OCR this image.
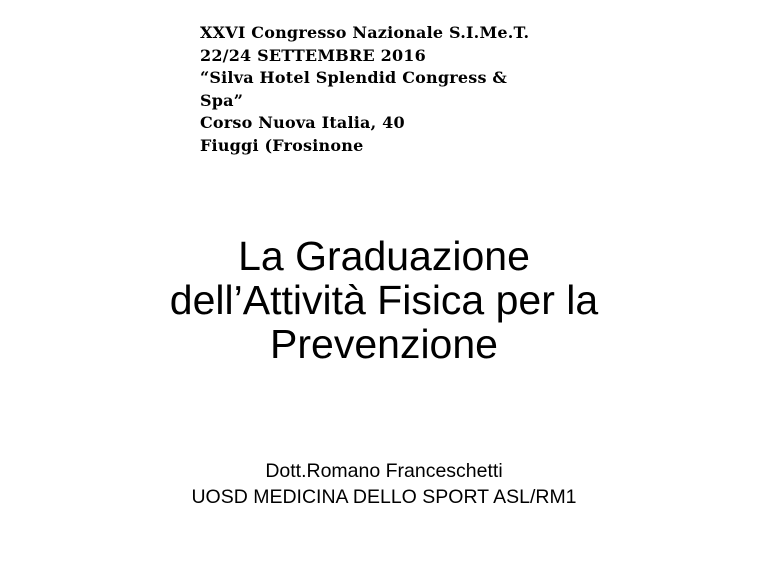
XXVI Congresso Nazionale S.I.Me.T.
22/24 SETTEMBRE 2016
“Silva Hotel Splendid Congress &
Spa”
Corso Nuova Italia, 40
Fiuggi (Frosinone
La Graduazione
dell’Attività Fisica per la
Prevenzione
Dott.Romano Franceschetti
UOSD MEDICINA DELLO SPORT ASL/RM1
